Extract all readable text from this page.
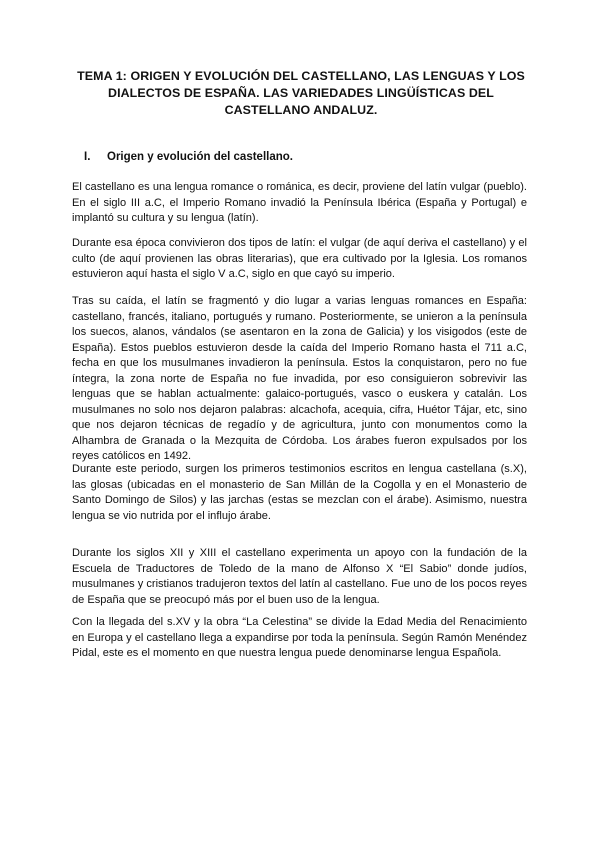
TEMA 1: ORIGEN Y EVOLUCIÓN DEL CASTELLANO, LAS LENGUAS Y LOS DIALECTOS DE ESPAÑA. LAS VARIEDADES LINGÜÍSTICAS DEL CASTELLANO ANDALUZ.
I. Origen y evolución del castellano.

El castellano es una lengua romance o románica, es decir, proviene del latín vulgar (pueblo). En el siglo III a.C, el Imperio Romano invadió la Península Ibérica (España y Portugal) e implantó su cultura y su lengua (latín).

Durante esa época convivieron dos tipos de latín: el vulgar (de aquí deriva el castellano) y el culto (de aquí provienen las obras literarias), que era cultivado por la Iglesia. Los romanos estuvieron aquí hasta el siglo V a.C, siglo en que cayó su imperio.

Tras su caída, el latín se fragmentó y dio lugar a varias lenguas romances en España: castellano, francés, italiano, portugués y rumano. Posteriormente, se unieron a la península los suecos, alanos, vándalos (se asentaron en la zona de Galicia) y los visigodos (este de España). Estos pueblos estuvieron desde la caída del Imperio Romano hasta el 711 a.C, fecha en que los musulmanes invadieron la península. Estos la conquistaron, pero no fue íntegra, la zona norte de España no fue invadida, por eso consiguieron sobrevivir las lenguas que se hablan actualmente: galaico-portugués, vasco o euskera y catalán. Los musulmanes no solo nos dejaron palabras: alcachofa, acequia, cifra, Huétor Tájar, etc, sino que nos dejaron técnicas de regadío y de agricultura, junto con monumentos como la Alhambra de Granada o la Mezquita de Córdoba. Los árabes fueron expulsados por los reyes católicos en 1492.

Durante este periodo, surgen los primeros testimonios escritos en lengua castellana (s.X), las glosas (ubicadas en el monasterio de San Millán de la Cogolla y en el Monasterio de Santo Domingo de Silos) y las jarchas (estas se mezclan con el árabe). Asimismo, nuestra lengua se vio nutrida por el influjo árabe.

Durante los siglos XII y XIII el castellano experimenta un apoyo con la fundación de la Escuela de Traductores de Toledo de la mano de Alfonso X “El Sabio” donde judíos, musulmanes y cristianos tradujeron textos del latín al castellano. Fue uno de los pocos reyes de España que se preocupó más por el buen uso de la lengua.

Con la llegada del s.XV y la obra “La Celestina” se divide la Edad Media del Renacimiento en Europa y el castellano llega a expandirse por toda la península. Según Ramón Menéndez Pidal, este es el momento en que nuestra lengua puede denominarse lengua Española.
